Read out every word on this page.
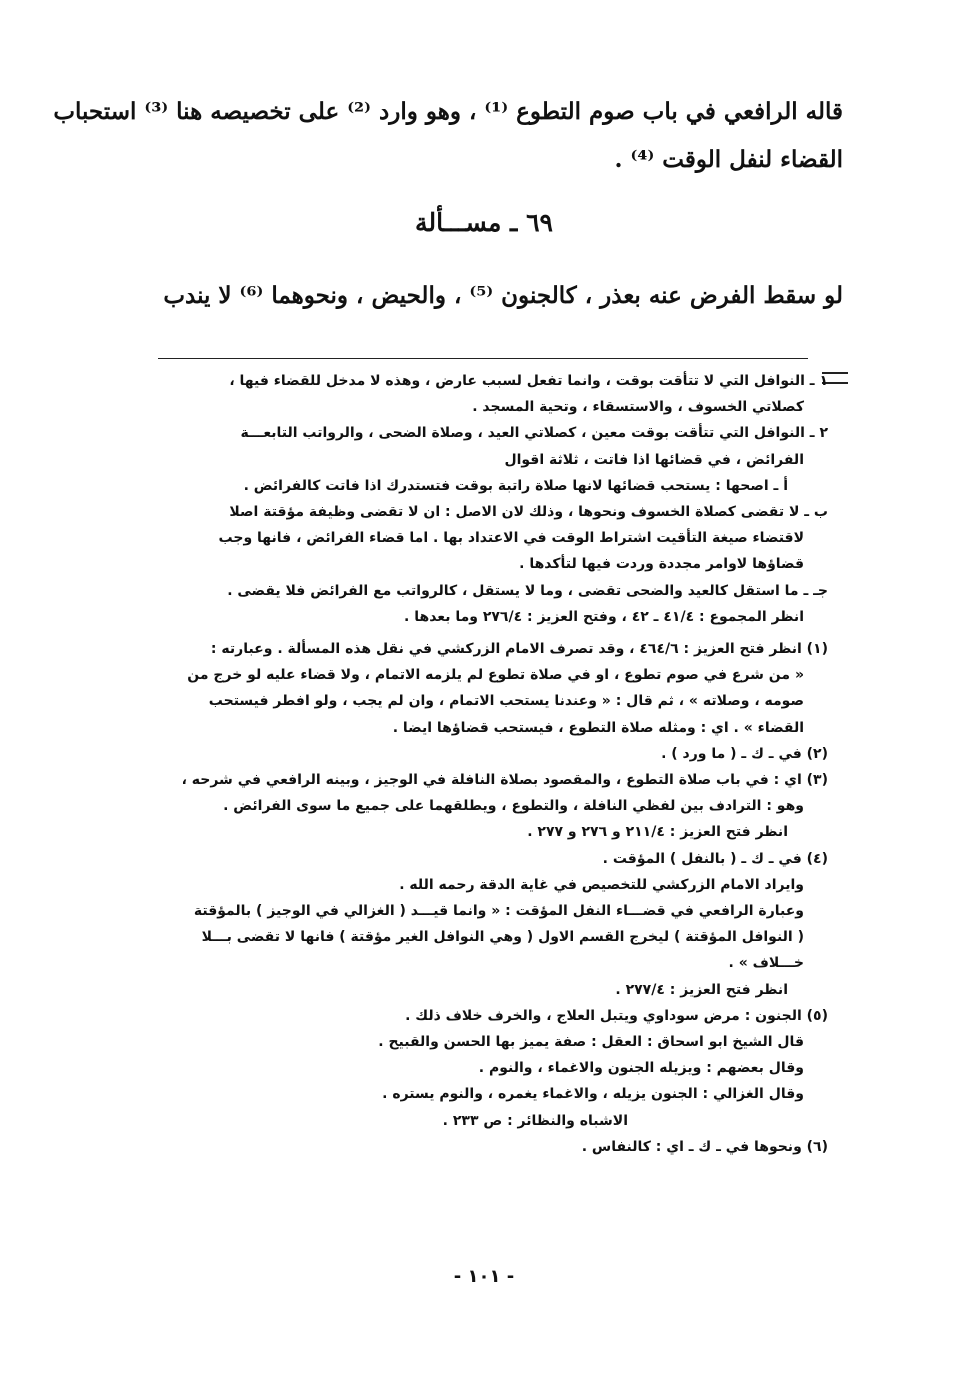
قاله الرافعي في باب صوم التطوع ⁽¹⁾ ، وهو وارد ⁽²⁾ على تخصيصه هنا ⁽³⁾ استحباب
القضاء لنفل الوقت ⁽⁴⁾ .
٦٩ ـ مســـألة
لو سقط الفرض عنه بعذر ، كالجنون ⁽⁵⁾ ، والحيض ، ونحوهما ⁽⁶⁾ لا يندب
١ ـ النوافل التي لا تتأقت بوقت ، وانما تفعل لسبب عارض ، وهذه لا مدخل للقضاء فيها ،
كصلاتي الخسوف ، والاستسقاء ، وتحية المسجد .
٢ ـ النوافل التي تتأقت بوقت معين ، كصلاتي العيد ، وصلاة الضحى ، والرواتب التابعـــة
الفرائض ، في قضائها اذا فاتت ، ثلاثة اقوال
أ ـ اصحها : يستحب قضائها لانها صلاة راتبة بوقت فتستدرك اذا فاتت كالفرائض .
ب ـ لا تقضى كصلاة الخسوف ونحوها ، وذلك لان الاصل : ان لا تقضى وظيفة مؤقتة اصلا
لاقتضاء صيغة التأقيت اشتراط الوقت في الاعتداد بها . اما قضاء الفرائض ، فانها وجب
قضاؤها لاوامر مجددة وردت فيها لتأكدها .
جـ ـ ما استقل كالعيد والضحى تقضى ، وما لا يستقل ، كالرواتب مع الفرائض فلا يقضى .
انظر المجموع : ٤١/٤ ـ ٤٢ ، وفتح العزيز : ٢٧٦/٤ وما بعدها .
(١) انظر فتح العزيز : ٤٦٤/٦ ، وقد تصرف الامام الزركشي في نقل هذه المسألة . وعبارته :
« من شرع في صوم تطوع ، او في صلاة تطوع لم يلزمه الاتمام ، ولا قضاء عليه لو خرج من
صومه ، وصلاته » ، ثم قال : « وعندنا يستحب الاتمام ، وان لم يجب ، ولو افطر فيستحب
القضاء » . اي : ومثله صلاة التطوع ، فيستحب قضاؤها ايضا .
(٢) في ـ ك ـ ( ما ورد ) .
(٣) اي : في باب صلاة التطوع ، والمقصود بصلاة النافلة في الوجيز ، وبينه الرافعي في شرحه ،
وهو : الترادف بين لفظي النافلة ، والتطوع ، ويطلقهما على جميع ما سوى الفرائض .
انظر فتح العزيز : ٢١١/٤ و ٢٧٦ و ٢٧٧ .
(٤) في ـ ك ـ ( بالنفل ) المؤقت .
وايراد الامام الزركشي للتخصيص في غاية الدقة رحمه الله .
وعبارة الرافعي في قضـــاء النفل المؤقت : « وانما قيـــد ( الغزالي في الوجيز ) بالمؤقتة
( النوافل المؤقتة ) ليخرج القسم الاول ( وهي النوافل الغير مؤقتة ) فانها لا تقضى بـــلا
خـــلاف » .
انظر فتح العزيز : ٢٧٧/٤ .
(٥) الجنون : مرض سوداوي ويتبل العلاج ، والخرف خلاف ذلك .
قال الشيخ ابو اسحاق : العقل : صفة يميز بها الحسن والقبيح .
وقال بعضهم : ويزيله الجنون والاغماء ، والنوم .
وقال الغزالي : الجنون يزيله ، والاغماء يغمره ، والنوم يستره .
الاشباه والنظائر : ص ٢٣٣ .
(٦) ونحوها في ـ ك ـ اي : كالنفاس .
- ١٠١ -
